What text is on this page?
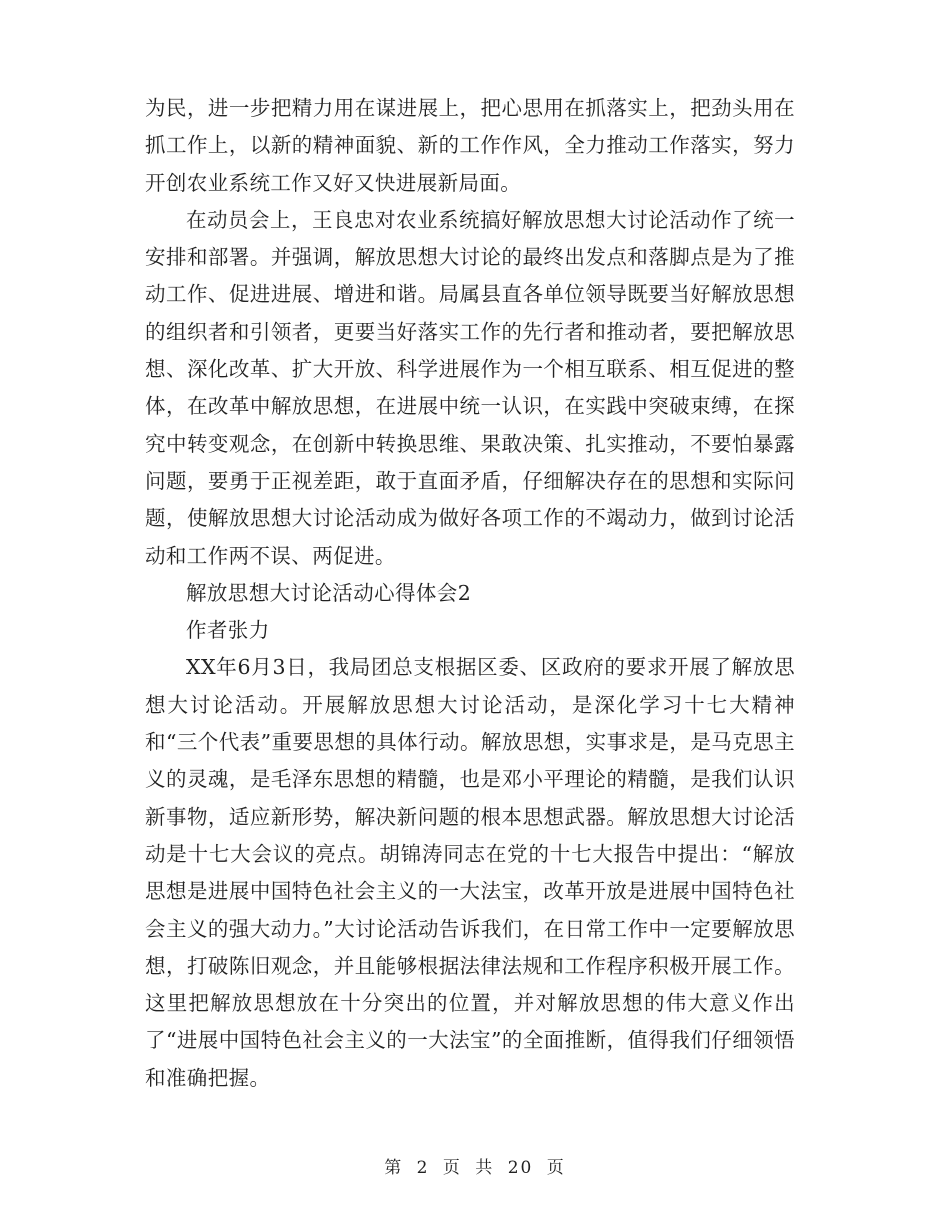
为民，进一步把精力用在谋进展上，把心思用在抓落实上，把劲头用在抓工作上，以新的精神面貌、新的工作作风，全力推动工作落实，努力开创农业系统工作又好又快进展新局面。

在动员会上，王良忠对农业系统搞好解放思想大讨论活动作了统一安排和部署。并强调，解放思想大讨论的最终出发点和落脚点是为了推动工作、促进进展、增进和谐。局属县直各单位领导既要当好解放思想的组织者和引领者，更要当好落实工作的先行者和推动者，要把解放思想、深化改革、扩大开放、科学进展作为一个相互联系、相互促进的整体，在改革中解放思想，在进展中统一认识，在实践中突破束缚，在探究中转变观念，在创新中转换思维、果敢决策、扎实推动，不要怕暴露问题，要勇于正视差距，敢于直面矛盾，仔细解决存在的思想和实际问题，使解放思想大讨论活动成为做好各项工作的不竭动力，做到讨论活动和工作两不误、两促进。

解放思想大讨论活动心得体会2

作者张力

XX年6月3日，我局团总支根据区委、区政府的要求开展了解放思想大讨论活动。开展解放思想大讨论活动，是深化学习十七大精神和“三个代表”重要思想的具体行动。解放思想，实事求是，是马克思主义的灵魂，是毛泽东思想的精髓，也是邓小平理论的精髓，是我们认识新事物，适应新形势，解决新问题的根本思想武器。解放思想大讨论活动是十七大会议的亮点。胡锦涛同志在党的十七大报告中提出：“解放思想是进展中国特色社会主义的一大法宝，改革开放是进展中国特色社会主义的强大动力。”大讨论活动告诉我们，在日常工作中一定要解放思想，打破陈旧观念，并且能够根据法律法规和工作程序积极开展工作。这里把解放思想放在十分突出的位置，并对解放思想的伟大意义作出了“进展中国特色社会主义的一大法宝”的全面推断，值得我们仔细领悟和准确把握。

第 2 页 共 20 页
